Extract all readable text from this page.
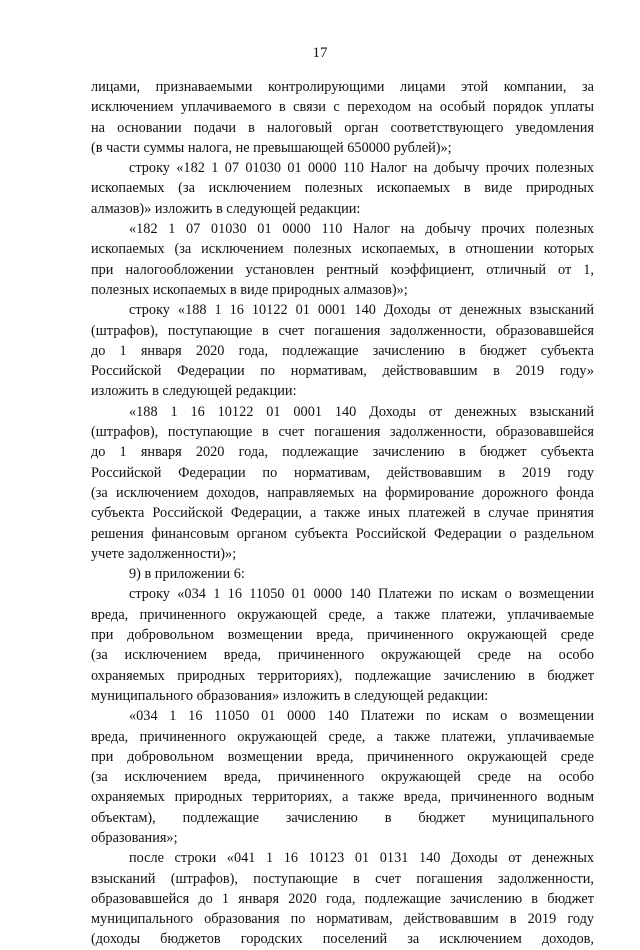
17
лицами, признаваемыми контролирующими лицами этой компании, за
исключением уплачиваемого в связи с переходом на особый порядок уплаты
на основании подачи в налоговый орган соответствующего уведомления
(в части суммы налога, не превышающей 650000 рублей)»;
строку «182 1 07 01030 01 0000 110 Налог на добычу прочих полезных
ископаемых (за исключением полезных ископаемых в виде природных
алмазов)» изложить в следующей редакции:
«182 1 07 01030 01 0000 110 Налог на добычу прочих полезных
ископаемых (за исключением полезных ископаемых, в отношении которых
при налогообложении установлен рентный коэффициент, отличный от 1,
полезных ископаемых в виде природных алмазов)»;
строку «188 1 16 10122 01 0001 140 Доходы от денежных взысканий
(штрафов), поступающие в счет погашения задолженности, образовавшейся
до 1 января 2020 года, подлежащие зачислению в бюджет субъекта
Российской Федерации по нормативам, действовавшим в 2019 году»
изложить в следующей редакции:
«188 1 16 10122 01 0001 140 Доходы от денежных взысканий
(штрафов), поступающие в счет погашения задолженности, образовавшейся
до 1 января 2020 года, подлежащие зачислению в бюджет субъекта
Российской Федерации по нормативам, действовавшим в 2019 году
(за исключением доходов, направляемых на формирование дорожного фонда
субъекта Российской Федерации, а также иных платежей в случае принятия
решения финансовым органом субъекта Российской Федерации о раздельном
учете задолженности)»;
9) в приложении 6:
строку «034 1 16 11050 01 0000 140 Платежи по искам о возмещении
вреда, причиненного окружающей среде, а также платежи, уплачиваемые
при добровольном возмещении вреда, причиненного окружающей среде
(за исключением вреда, причиненного окружающей среде на особо
охраняемых природных территориях), подлежащие зачислению в бюджет
муниципального образования» изложить в следующей редакции:
«034 1 16 11050 01 0000 140 Платежи по искам о возмещении
вреда, причиненного окружающей среде, а также платежи, уплачиваемые
при добровольном возмещении вреда, причиненного окружающей среде
(за исключением вреда, причиненного окружающей среде на особо
охраняемых природных территориях, а также вреда, причиненного водным
объектам), подлежащие зачислению в бюджет муниципального
образования»;
после строки «041 1 16 10123 01 0131 140 Доходы от денежных
взысканий (штрафов), поступающие в счет погашения задолженности,
образовавшейся до 1 января 2020 года, подлежащие зачислению в бюджет
муниципального образования по нормативам, действовавшим в 2019 году
(доходы бюджетов городских поселений за исключением доходов,
